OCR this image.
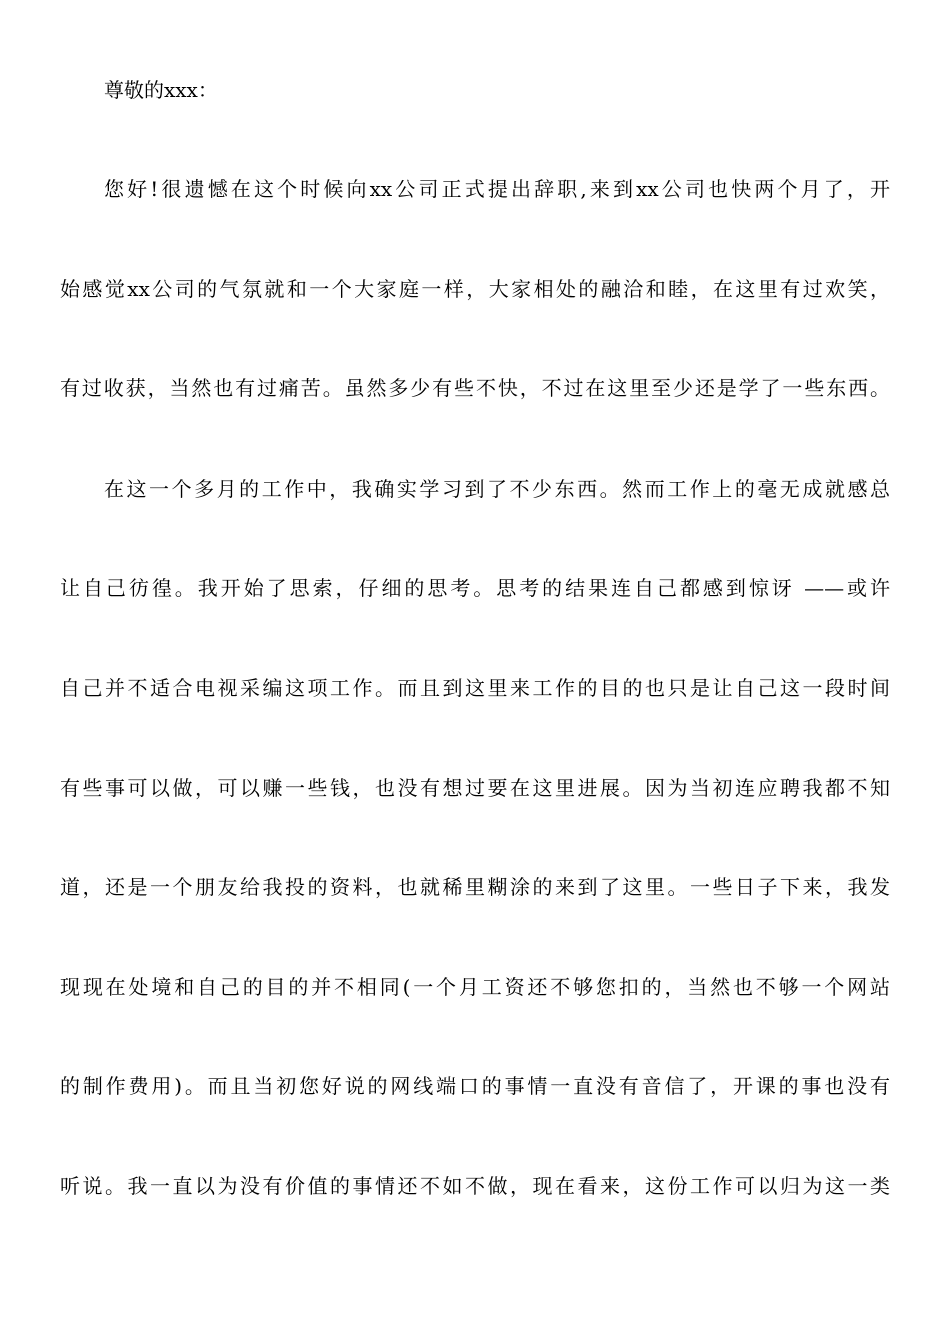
尊敬的xxx：
您好!很遗憾在这个时候向xx公司正式提出辞职,来到xx公司也快两个月了，开
始感觉xx公司的气氛就和一个大家庭一样，大家相处的融洽和睦，在这里有过欢笑，
有过收获，当然也有过痛苦。虽然多少有些不快，不过在这里至少还是学了一些东西。
在这一个多月的工作中，我确实学习到了不少东西。然而工作上的毫无成就感总
让自己彷徨。我开始了思索，仔细的思考。思考的结果连自己都感到惊讶 ——或许
自己并不适合电视采编这项工作。而且到这里来工作的目的也只是让自己这一段时间
有些事可以做，可以赚一些钱，也没有想过要在这里进展。因为当初连应聘我都不知
道，还是一个朋友给我投的资料，也就稀里糊涂的来到了这里。一些日子下来，我发
现现在处境和自己的目的并不相同(一个月工资还不够您扣的，当然也不够一个网站
的制作费用)。而且当初您好说的网线端口的事情一直没有音信了，开课的事也没有
听说。我一直以为没有价值的事情还不如不做，现在看来，这份工作可以归为这一类
